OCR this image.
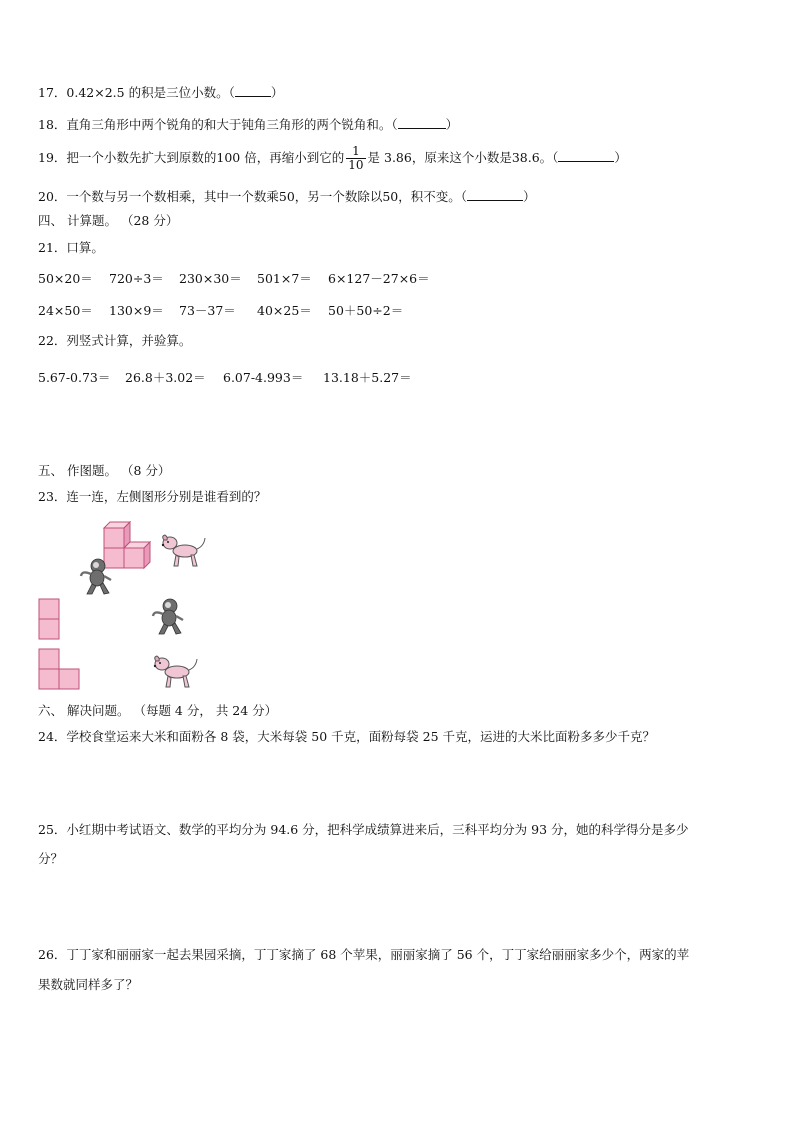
17．0.42×2.5 的积是三位小数。（	）
18．直角三角形中两个锐角的和大于钝角三角形的两个锐角和。（	）
19．把一个小数先扩大到原数的100 倍，再缩小到它的 $\frac{1}{10}$ 是 3.86，原来这个小数是38.6。（	）
20．一个数与另一个数相乘，其中一个数乘50，另一个数除以50，积不变。（	）
四、 计算题。 （28 分）
21．口算。
50×20＝ 720÷3＝ 230×30＝ 501×7＝ 6×127－27×6＝
24×50＝ 130×9＝ 73－37＝ 40×25＝ 50＋50÷2＝
22．列竖式计算，并验算。
5.67-0.73＝ 26.8＋3.02＝ 6.07-4.993＝ 13.18＋5.27＝
五、 作图题。 （8 分）
23．连一连，左侧图形分别是谁看到的？
六、 解决问题。 （每题 4 分， 共 24 分）
24．学校食堂运来大米和面粉各 8 袋，大米每袋 50 千克，面粉每袋 25 千克，运进的大米比面粉多多少千克？
25．小红期中考试语文、数学的平均分为 94.6 分，把科学成绩算进来后，三科平均分为 93 分，她的科学得分是多少
分？
26．丁丁家和丽丽家一起去果园采摘，丁丁家摘了 68 个苹果，丽丽家摘了 56 个，丁丁家给丽丽家多少个，两家的苹
果数就同样多了？
